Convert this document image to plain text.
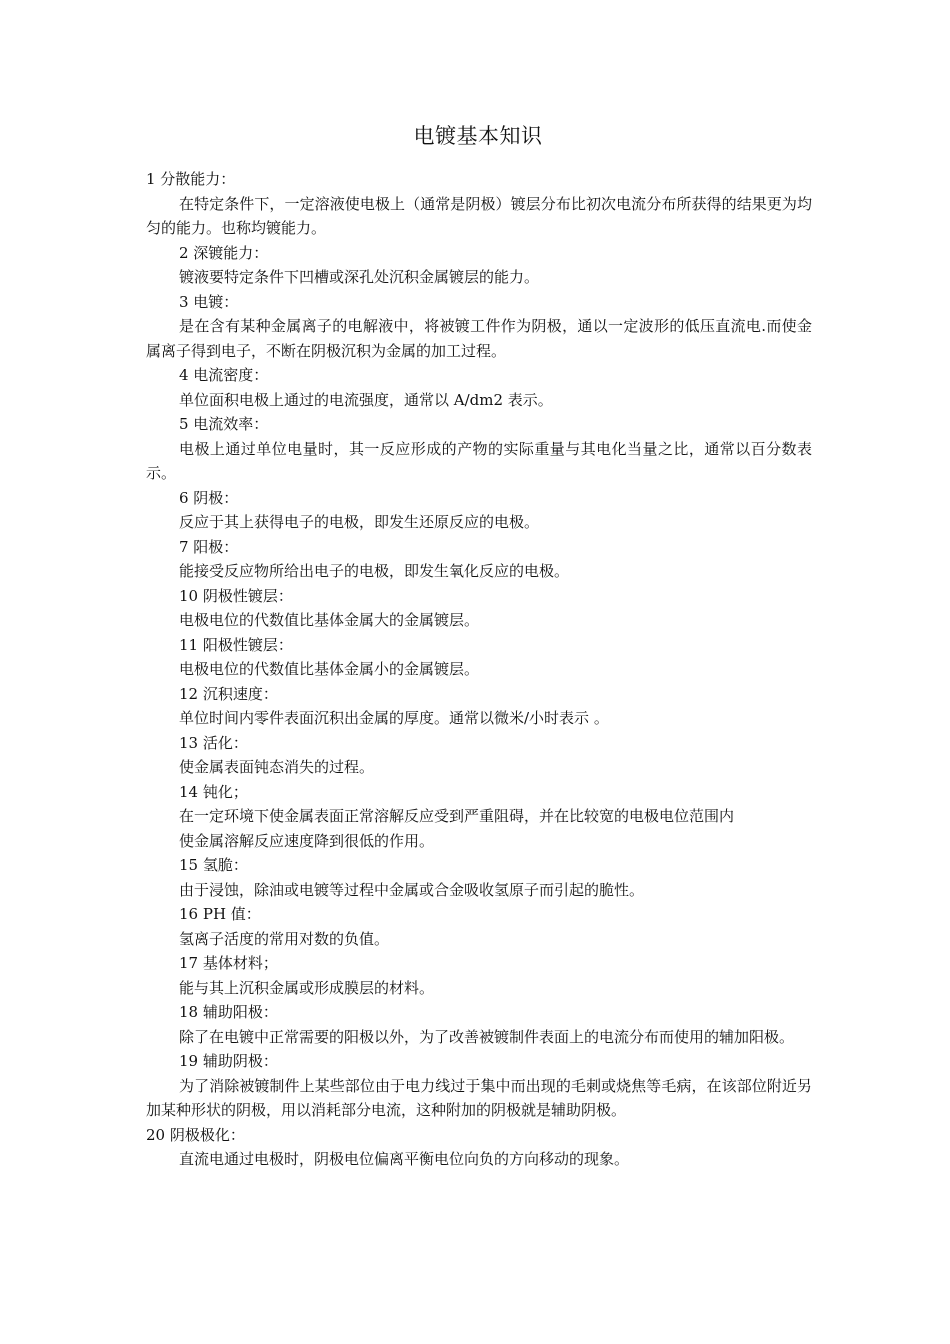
电镀基本知识
1 分散能力：
在特定条件下，一定溶液使电极上（通常是阴极）镀层分布比初次电流分布所获得的结果更为均匀的能力。也称均镀能力。
2 深镀能力：
镀液要特定条件下凹槽或深孔处沉积金属镀层的能力。
3 电镀：
是在含有某种金属离子的电解液中，将被镀工件作为阴极，通以一定波形的低压直流电.而使金属离子得到电子，不断在阴极沉积为金属的加工过程。
4 电流密度：
单位面积电极上通过的电流强度，通常以 A/dm2 表示。
5 电流效率：
电极上通过单位电量时，其一反应形成的产物的实际重量与其电化当量之比，通常以百分数表示。
6 阴极：
反应于其上获得电子的电极，即发生还原反应的电极。
7 阳极：
能接受反应物所给出电子的电极，即发生氧化反应的电极。
10 阴极性镀层：
电极电位的代数值比基体金属大的金属镀层。
11 阳极性镀层：
电极电位的代数值比基体金属小的金属镀层。
12 沉积速度：
单位时间内零件表面沉积出金属的厚度。通常以微米/小时表示 。
13 活化：
使金属表面钝态消失的过程。
14 钝化；
在一定环境下使金属表面正常溶解反应受到严重阻碍，并在比较宽的电极电位范围内
使金属溶解反应速度降到很低的作用。
15 氢脆：
由于浸蚀，除油或电镀等过程中金属或合金吸收氢原子而引起的脆性。
16 PH 值：
氢离子活度的常用对数的负值。
17 基体材料；
能与其上沉积金属或形成膜层的材料。
18 辅助阳极：
除了在电镀中正常需要的阳极以外，为了改善被镀制件表面上的电流分布而使用的辅加阳极。
19 辅助阴极：
为了消除被镀制件上某些部位由于电力线过于集中而出现的毛刺或烧焦等毛病，在该部位附近另加某种形状的阴极，用以消耗部分电流，这种附加的阴极就是辅助阴极。
20 阴极极化：
直流电通过电极时，阴极电位偏离平衡电位向负的方向移动的现象。
